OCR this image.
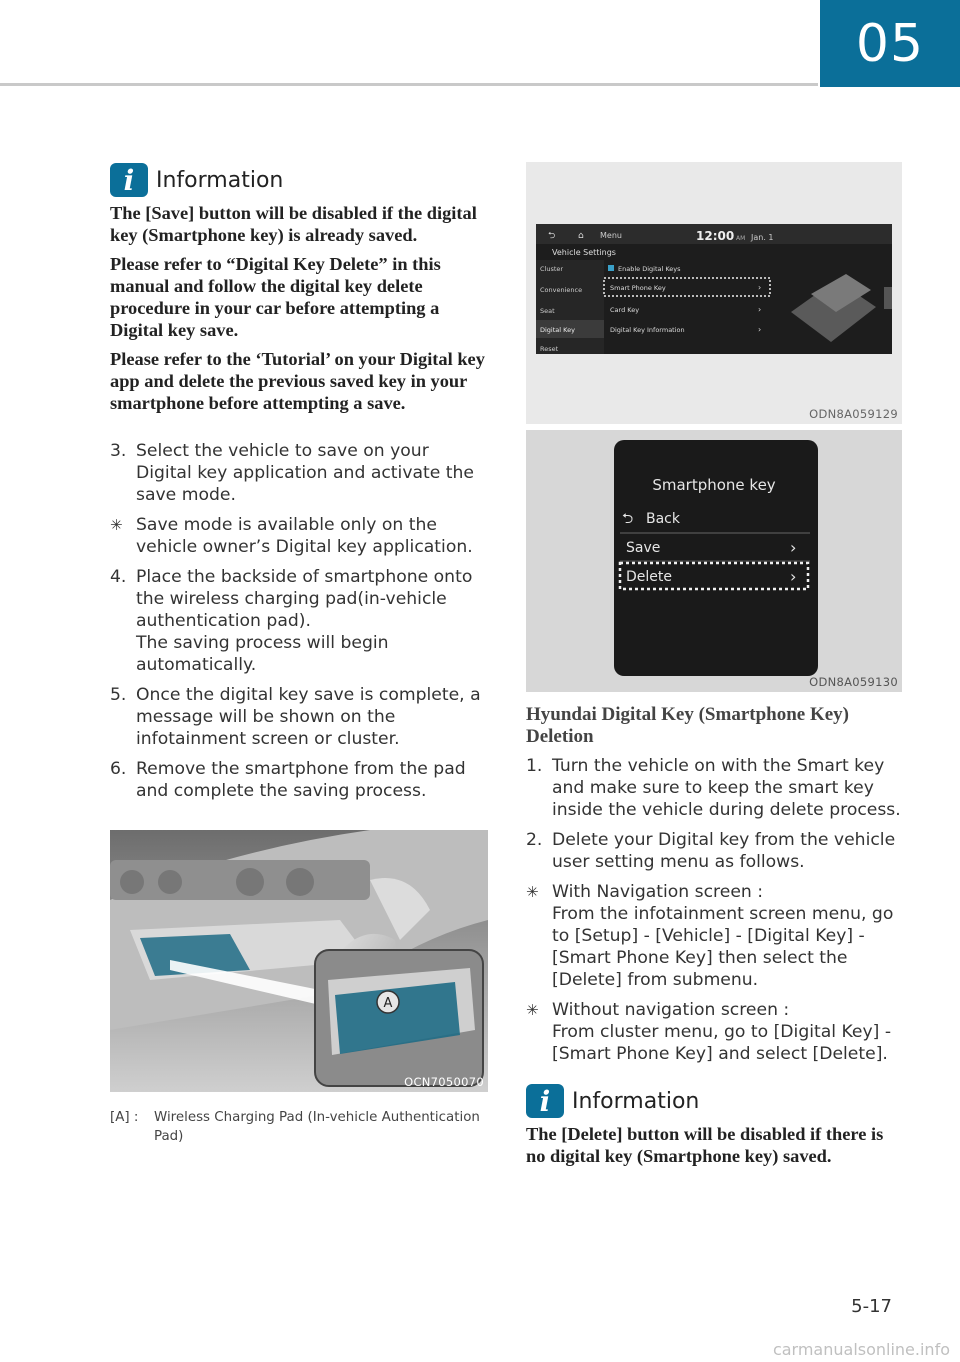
05
i Information

The [Save] button will be disabled if the digital key (Smartphone key) is already saved.

Please refer to “Digital Key Delete” in this manual and follow the digital key delete procedure in your car before attempting a Digital key save.

Please refer to the ‘Tutorial’ on your Digital key app and delete the previous saved key in your smartphone before attempting a save.

3. Select the vehicle to save on your Digital key application and activate the save mode.
✳ Save mode is available only on the vehicle owner’s Digital key application.
4. Place the backside of smartphone onto the wireless charging pad(in-vehicle authentication pad).
The saving process will begin automatically.
5. Once the digital key save is complete, a message will be shown on the infotainment screen or cluster.
6. Remove the smartphone from the pad and complete the saving process.
A
OCN7050070
[A] :	Wireless Charging Pad (In-vehicle Authentication Pad)
⮌	⌂ Menu	12:00 AM Jan. 1
Vehicle Settings
Cluster
Convenience
Seat
Digital Key
Reset
Enable Digital Keys
Smart Phone Key	›
Card Key	›
Digital Key Information	›
ODN8A059129
Smartphone key
⮌ Back
Save	›
Delete	›
ODN8A059130
Hyundai Digital Key (Smartphone Key) Deletion
1. Turn the vehicle on with the Smart key and make sure to keep the smart key inside the vehicle during delete process.
2. Delete your Digital key from the vehicle user setting menu as follows.
✳ With Navigation screen :
From the infotainment screen menu, go to [Setup] - [Vehicle] - [Digital Key] - [Smart Phone Key] then select the [Delete] from submenu.
✳ Without navigation screen :
From cluster menu, go to [Digital Key] - [Smart Phone Key] and select [Delete].
i Information

The [Delete] button will be disabled if there is no digital key (Smartphone key) saved.

5-17
carmanualsonline.info
